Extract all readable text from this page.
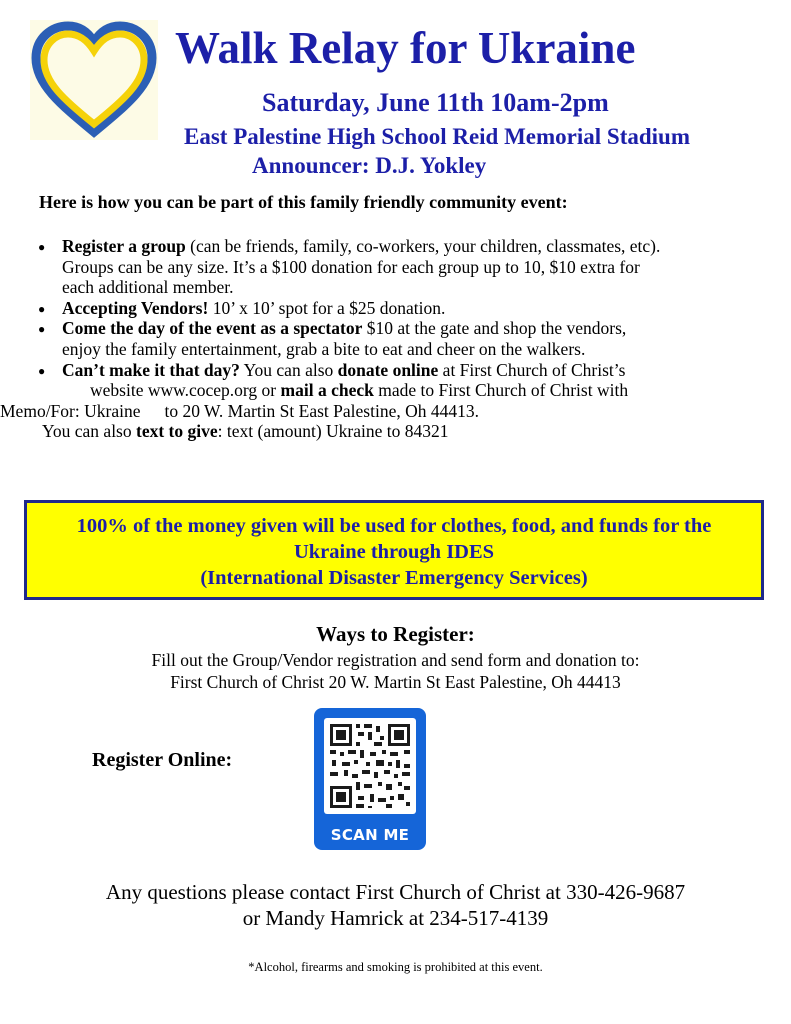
Walk Relay for Ukraine
Saturday, June 11th 10am-2pm
East Palestine High School Reid Memorial Stadium
Announcer: D.J. Yokley
Here is how you can be part of this family friendly community event:
● Register a group (can be friends, family, co-workers, your children, classmates, etc).
Groups can be any size. It’s a $100 donation for each group up to 10, $10 extra for
each additional member.
● Accepting Vendors! 10’ x 10’ spot for a $25 donation.
● Come the day of the event as a spectator $10 at the gate and shop the vendors,
enjoy the family entertainment, grab a bite to eat and cheer on the walkers.
● Can’t make it that day? You can also donate online at First Church of Christ’s
website www.cocep.org or mail a check made to First Church of Christ with
Memo/For: Ukraine to 20 W. Martin St East Palestine, Oh 44413.
You can also text to give: text (amount) Ukraine to 84321
100% of the money given will be used for clothes, food, and funds for the
Ukraine through IDES
(International Disaster Emergency Services)
Ways to Register:
Fill out the Group/Vendor registration and send form and donation to:
First Church of Christ 20 W. Martin St East Palestine, Oh 44413
Register Online:
SCAN ME
Any questions please contact First Church of Christ at 330-426-9687
or Mandy Hamrick at 234-517-4139
*Alcohol, firearms and smoking is prohibited at this event.
